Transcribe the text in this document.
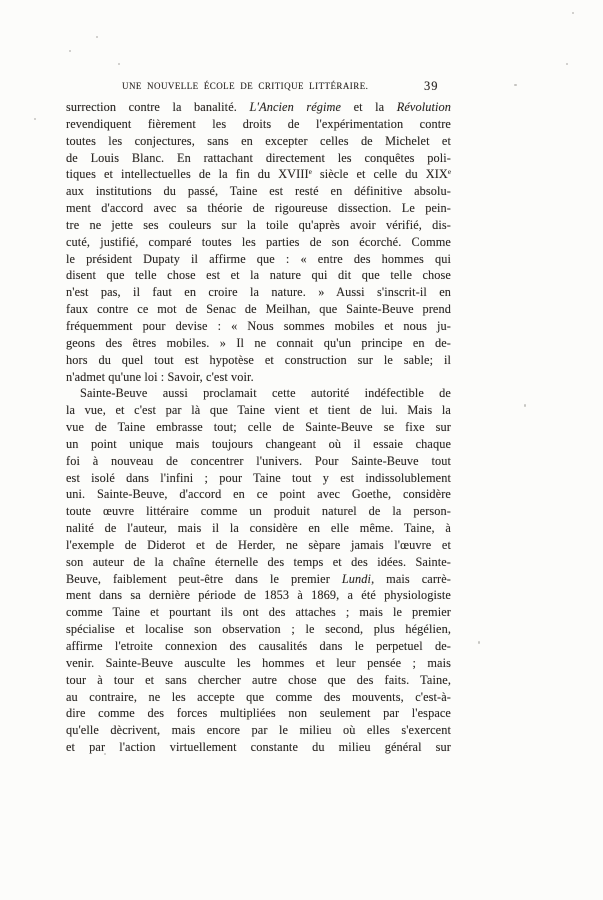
UNE NOUVELLE ÉCOLE DE CRITIQUE LITTÉRAIRE.	39
surrection contre la banalité. L'Ancien régime et la Révolution
revendiquent fièrement les droits de l'expérimentation contre
toutes les conjectures, sans en excepter celles de Michelet et
de Louis Blanc. En rattachant directement les conquêtes poli-
tiques et intellectuelles de la fin du XVIIIe siècle et celle du XIXe
aux institutions du passé, Taine est resté en définitive absolu-
ment d'accord avec sa théorie de rigoureuse dissection. Le pein-
tre ne jette ses couleurs sur la toile qu'après avoir vérifié, dis-
cuté, justifié, comparé toutes les parties de son écorché. Comme
le président Dupaty il affirme que : « entre des hommes qui
disent que telle chose est et la nature qui dit que telle chose
n'est pas, il faut en croire la nature. » Aussi s'inscrit-il en
faux contre ce mot de Senac de Meilhan, que Sainte-Beuve prend
fréquemment pour devise : « Nous sommes mobiles et nous ju-
geons des êtres mobiles. » Il ne connait qu'un principe en de-
hors du quel tout est hypotèse et construction sur le sable; il
n'admet qu'une loi : Savoir, c'est voir.
Sainte-Beuve aussi proclamait cette autorité indéfectible de
la vue, et c'est par là que Taine vient et tient de lui. Mais la
vue de Taine embrasse tout; celle de Sainte-Beuve se fixe sur
un point unique mais toujours changeant où il essaie chaque
foi à nouveau de concentrer l'univers. Pour Sainte-Beuve tout
est isolé dans l'infini ; pour Taine tout y est indissolublement
uni. Sainte-Beuve, d'accord en ce point avec Goethe, considère
toute œuvre littéraire comme un produit naturel de la person-
nalité de l'auteur, mais il la considère en elle même. Taine, à
l'exemple de Diderot et de Herder, ne sèpare jamais l'œuvre et
son auteur de la chaîne éternelle des temps et des idées. Sainte-
Beuve, faiblement peut-être dans le premier Lundi, mais carrè-
ment dans sa dernière période de 1853 à 1869, a été physiologiste
comme Taine et pourtant ils ont des attaches ; mais le premier
spécialise et localise son observation ; le second, plus hégélien,
affirme l'etroite connexion des causalités dans le perpetuel de-
venir. Sainte-Beuve ausculte les hommes et leur pensée ; mais
tour à tour et sans chercher autre chose que des faits. Taine,
au contraire, ne les accepte que comme des mouvents, c'est-à-
dire comme des forces multipliées non seulement par l'espace
qu'elle dècrivent, mais encore par le milieu où elles s'exercent
et par l'action virtuellement constante du milieu général sur
